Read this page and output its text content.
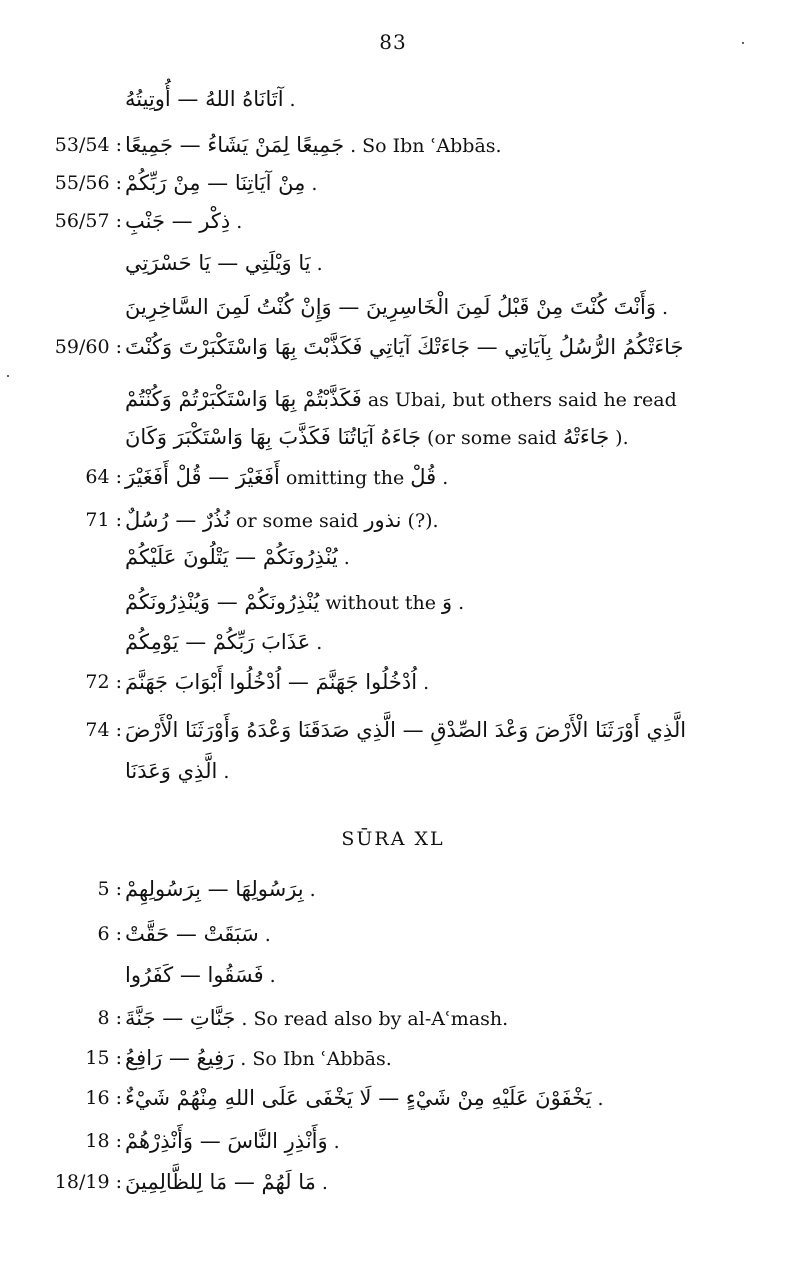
83
آتَانَاهُ اللهُ — أُوتِيتُهُ .
53/54 : جَمِيعًا لِمَنْ يَشَاءُ — جَمِيعًا . So Ibn ʿAbbās.
55/56 : مِنْ آيَاتِنَا — مِنْ رَبِّكُمْ .
56/57 : ذِكْر — جَنْبِ .
يَا وَيْلَتِي — يَا حَسْرَتِي .
وَأَنْتَ كُنْتَ مِنْ قَبْلُ لَمِنَ الْخَاسِرِينَ — وَإِنْ كُنْتُ لَمِنَ السَّاخِرِينَ .
59/60 : جَاءَتْكُمُ الرُّسُلُ بِآيَاتِي — جَاءَتْكَ آيَاتِي فَكَذَّبْتَ بِهَا وَاسْتَكْبَرْتَ وَكُنْتَ
فَكَذَّبْتُمْ بِهَا وَاسْتَكْبَرْتُمْ وَكُنْتُمْ as Ubai, but others said he read
جَاءَهُ آيَاتُنَا فَكَذَّبَ بِهَا وَاسْتَكْبَرَ وَكَانَ (or some said جَاءَتْهُ ).
64 : أَفَغَيْرَ — قُلْ أَفَغَيْرَ omitting the قُلْ .
71 : نُذُرٌ — رُسُلٌ or some said نذور (?).
يُنْذِرُونَكُمْ — يَتْلُونَ عَلَيْكُمْ .
يُنْذِرُونَكُمْ — وَيُنْذِرُونَكُمْ without the وَ .
عَذَابَ رَبِّكُمْ — يَوْمِكُمْ .
72 : اُدْخُلُوا جَهَنَّمَ — اُدْخُلُوا أَبْوَابَ جَهَنَّمَ .
74 : الَّذِي أَوْرَثَنَا الْأَرْضَ وَعْدَ الصِّدْقِ — الَّذِي صَدَقَنَا وَعْدَهُ وَأَوْرَثَنَا الْأَرْضَ
الَّذِي وَعَدَنَا .
5 : بِرَسُولِهَا — بِرَسُولِهِمْ .
6 : سَبَقَتْ — حَقَّتْ .
فَسَقُوا — كَفَرُوا .
8 : جَنَّاتِ — جَنَّةَ . So read also by al-Aʿmash.
15 : رَفِيعُ — رَافِعُ . So Ibn ʿAbbās.
16 : يَخْفَوْنَ عَلَيْهِ مِنْ شَيْءٍ — لَا يَخْفَى عَلَى اللهِ مِنْهُمْ شَيْءٌ .
18 : وَأَنْذِرِ النَّاسَ — وَأَنْذِرْهُمْ .
18/19 : مَا لَهُمْ — مَا لِلظَّالِمِينَ .
SŪRA XL
